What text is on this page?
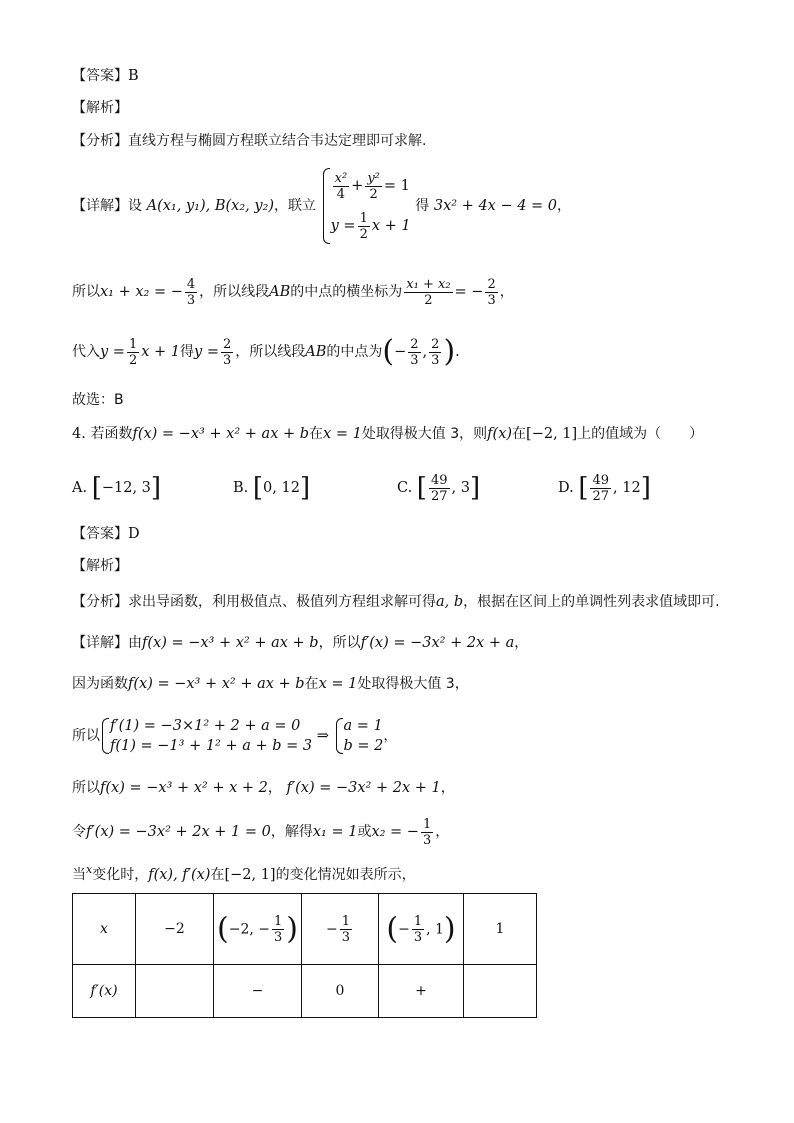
【答案】B
【解析】
【分析】直线方程与椭圆方程联立结合韦达定理即可求解.
【详解】设 A(x₁, y₁), B(x₂, y₂)，联立
$\frac{\text{x²}}{4} + \frac{\text{y²}}{2} = 1$
$y = \frac{1}{2}$ x + 1
得 3x² + 4x − 4 = 0，
所以x₁ + x₂ = − $\frac{4}{3}$ ，所以线段AB的中点的横坐标为 $\frac{\text{x₁ + x₂}}{2}$ = − $\frac{2}{3}$ ，
代入$y = \frac{1}{2}$ x + 1得$y = \frac{2}{3}$ ，所以线段AB的中点为(− $\frac{2}{3}$ , $\frac{2}{3}$ ).
故选：B
4. 若函数f(x) = −x³ + x² + ax + b在x = 1处取得极大值 3，则f(x)在[−2, 1]上的值域为（　　）
A. [−12, 3]	B. [0, 12]	C. [ $\frac{49}{27}$ , 3]	D. [ $\frac{49}{27}$ , 12]
【答案】D
【解析】
【分析】求出导函数，利用极值点、极值列方程组求解可得a, b，根据在区间上的单调性列表求值域即可.
【详解】由f(x) = −x³ + x² + ax + b，所以f′(x) = −3x² + 2x + a，
因为函数f(x) = −x³ + x² + ax + b在x = 1处取得极大值 3，
所以
f′(1) = −3×1² + 2 + a = 0
f(1) = −1³ + 1² + a + b = 3
⇒
a = 1
b = 2
，
所以f(x) = −x³ + x² + x + 2， f′(x) = −3x² + 2x + 1，
令f′(x) = −3x² + 2x + 1 = 0，解得x₁ = 1或x₂ = − $\frac{1}{3}$ ，
当$^x$变化时，f(x), f′(x)在[−2, 1]的变化情况如表所示，
x	−2	(−2, − $\frac{1}{3}$ )	− $\frac{1}{3}$	(− $\frac{1}{3}$ , 1)	1
f′(x)		−	0	+	
